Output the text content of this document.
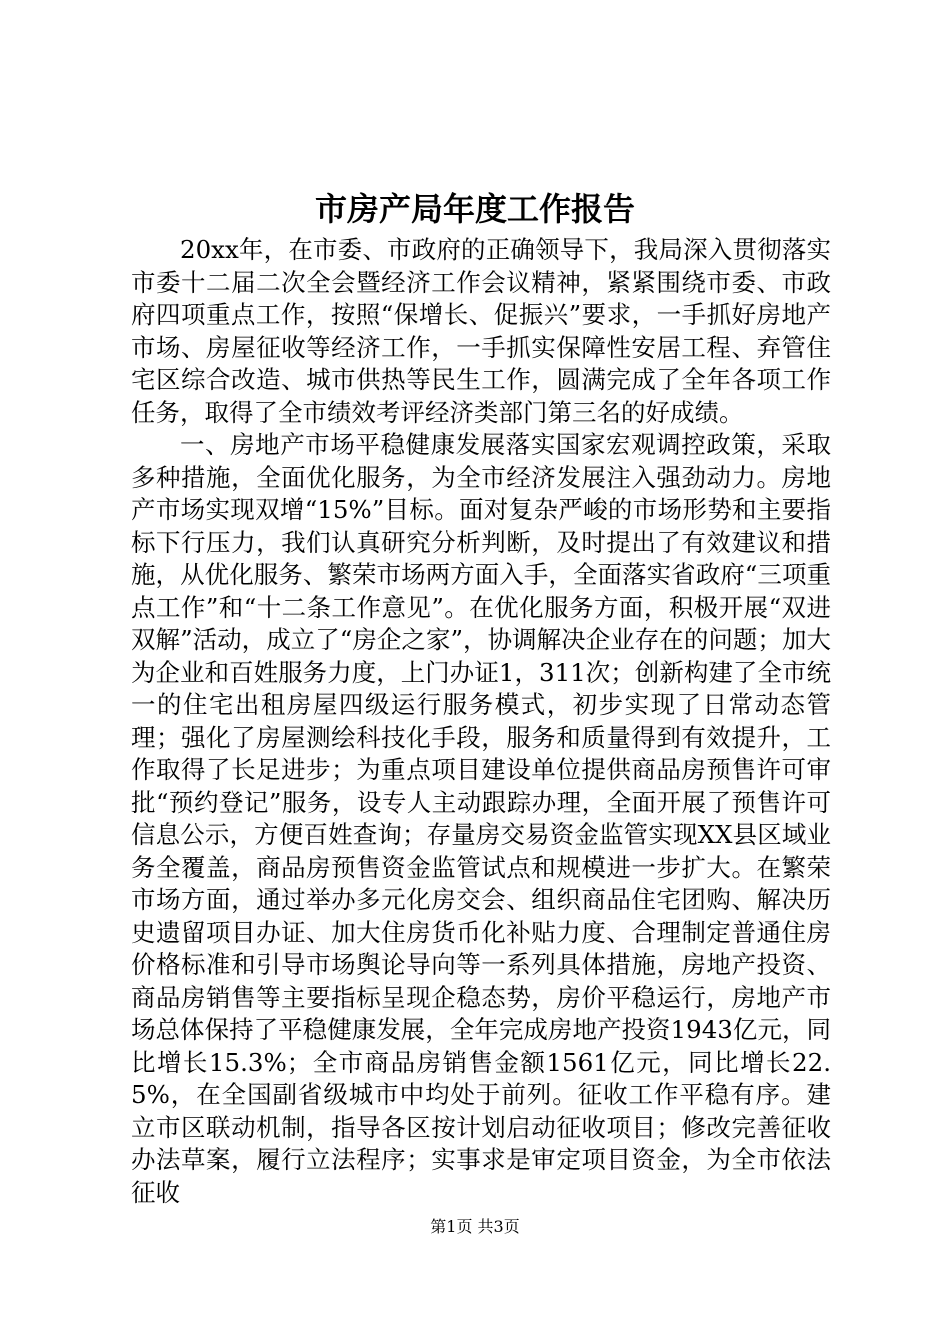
市房产局年度工作报告

20xx年，在市委、市政府的正确领导下，我局深入贯彻落实市委十二届二次全会暨经济工作会议精神，紧紧围绕市委、市政府四项重点工作，按照“保增长、促振兴”要求，一手抓好房地产市场、房屋征收等经济工作，一手抓实保障性安居工程、弃管住宅区综合改造、城市供热等民生工作，圆满完成了全年各项工作任务，取得了全市绩效考评经济类部门第三名的好成绩。

一、房地产市场平稳健康发展落实国家宏观调控政策，采取多种措施，全面优化服务，为全市经济发展注入强劲动力。房地产市场实现双增“15%”目标。面对复杂严峻的市场形势和主要指标下行压力，我们认真研究分析判断，及时提出了有效建议和措施，从优化服务、繁荣市场两方面入手，全面落实省政府“三项重点工作”和“十二条工作意见”。在优化服务方面，积极开展“双进双解”活动，成立了“房企之家”，协调解决企业存在的问题；加大为企业和百姓服务力度，上门办证1，311次；创新构建了全市统一的住宅出租房屋四级运行服务模式，初步实现了日常动态管理；强化了房屋测绘科技化手段，服务和质量得到有效提升，工作取得了长足进步；为重点项目建设单位提供商品房预售许可审批“预约登记”服务，设专人主动跟踪办理，全面开展了预售许可信息公示，方便百姓查询；存量房交易资金监管实现XX县区域业务全覆盖，商品房预售资金监管试点和规模进一步扩大。在繁荣市场方面，通过举办多元化房交会、组织商品住宅团购、解决历史遗留项目办证、加大住房货币化补贴力度、合理制定普通住房价格标准和引导市场舆论导向等一系列具体措施，房地产投资、商品房销售等主要指标呈现企稳态势，房价平稳运行，房地产市场总体保持了平稳健康发展，全年完成房地产投资1943亿元，同比增长15.3%；全市商品房销售金额1561亿元，同比增长22.5%，在全国副省级城市中均处于前列。征收工作平稳有序。建立市区联动机制，指导各区按计划启动征收项目；修改完善征收办法草案，履行立法程序；实事求是审定项目资金，为全市依法征收

第1页 共3页
